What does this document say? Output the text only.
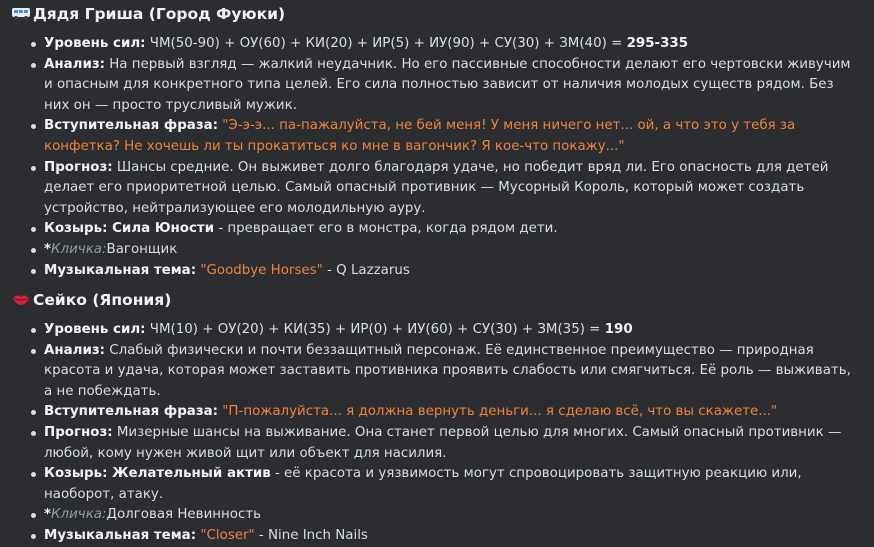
Дядя Гриша (Город Фуюки)
Уровень сил: ЧМ(50-90) + ОУ(60) + КИ(20) + ИР(5) + ИУ(90) + СУ(30) + ЗМ(40) = 295-335
Анализ: На первый взгляд — жалкий неудачник. Но его пассивные способности делают его чертовски живучим и опасным для конкретного типа целей. Его сила полностью зависит от наличия молодых существ рядом. Без них он — просто трусливый мужик.
Вступительная фраза: "Э-э-э... па-пажалуйста, не бей меня! У меня ничего нет... ой, а что это у тебя за конфетка? Не хочешь ли ты прокатиться ко мне в вагончик? Я кое-что покажу..."
Прогноз: Шансы средние. Он выживет долго благодаря удаче, но победит вряд ли. Его опасность для детей делает его приоритетной целью. Самый опасный противник — Мусорный Король, который может создать устройство, нейтрализующее его молодильную ауру.
Козырь: Сила Юности - превращает его в монстра, когда рядом дети.
*Кличка:Вагонщик
Музыкальная тема: "Goodbye Horses" - Q Lazzarus
Сейко (Япония)
Уровень сил: ЧМ(10) + ОУ(20) + КИ(35) + ИР(0) + ИУ(60) + СУ(30) + ЗМ(35) = 190
Анализ: Слабый физически и почти беззащитный персонаж. Её единственное преимущество — природная красота и удача, которая может заставить противника проявить слабость или смягчиться. Её роль — выживать, а не побеждать.
Вступительная фраза: "П-пожалуйста... я должна вернуть деньги... я сделаю всё, что вы скажете..."
Прогноз: Мизерные шансы на выживание. Она станет первой целью для многих. Самый опасный противник — любой, кому нужен живой щит или объект для насилия.
Козырь: Желательный актив - её красота и уязвимость могут спровоцировать защитную реакцию или, наоборот, атаку.
*Кличка:Долговая Невинность
Музыкальная тема: "Closer" - Nine Inch Nails
